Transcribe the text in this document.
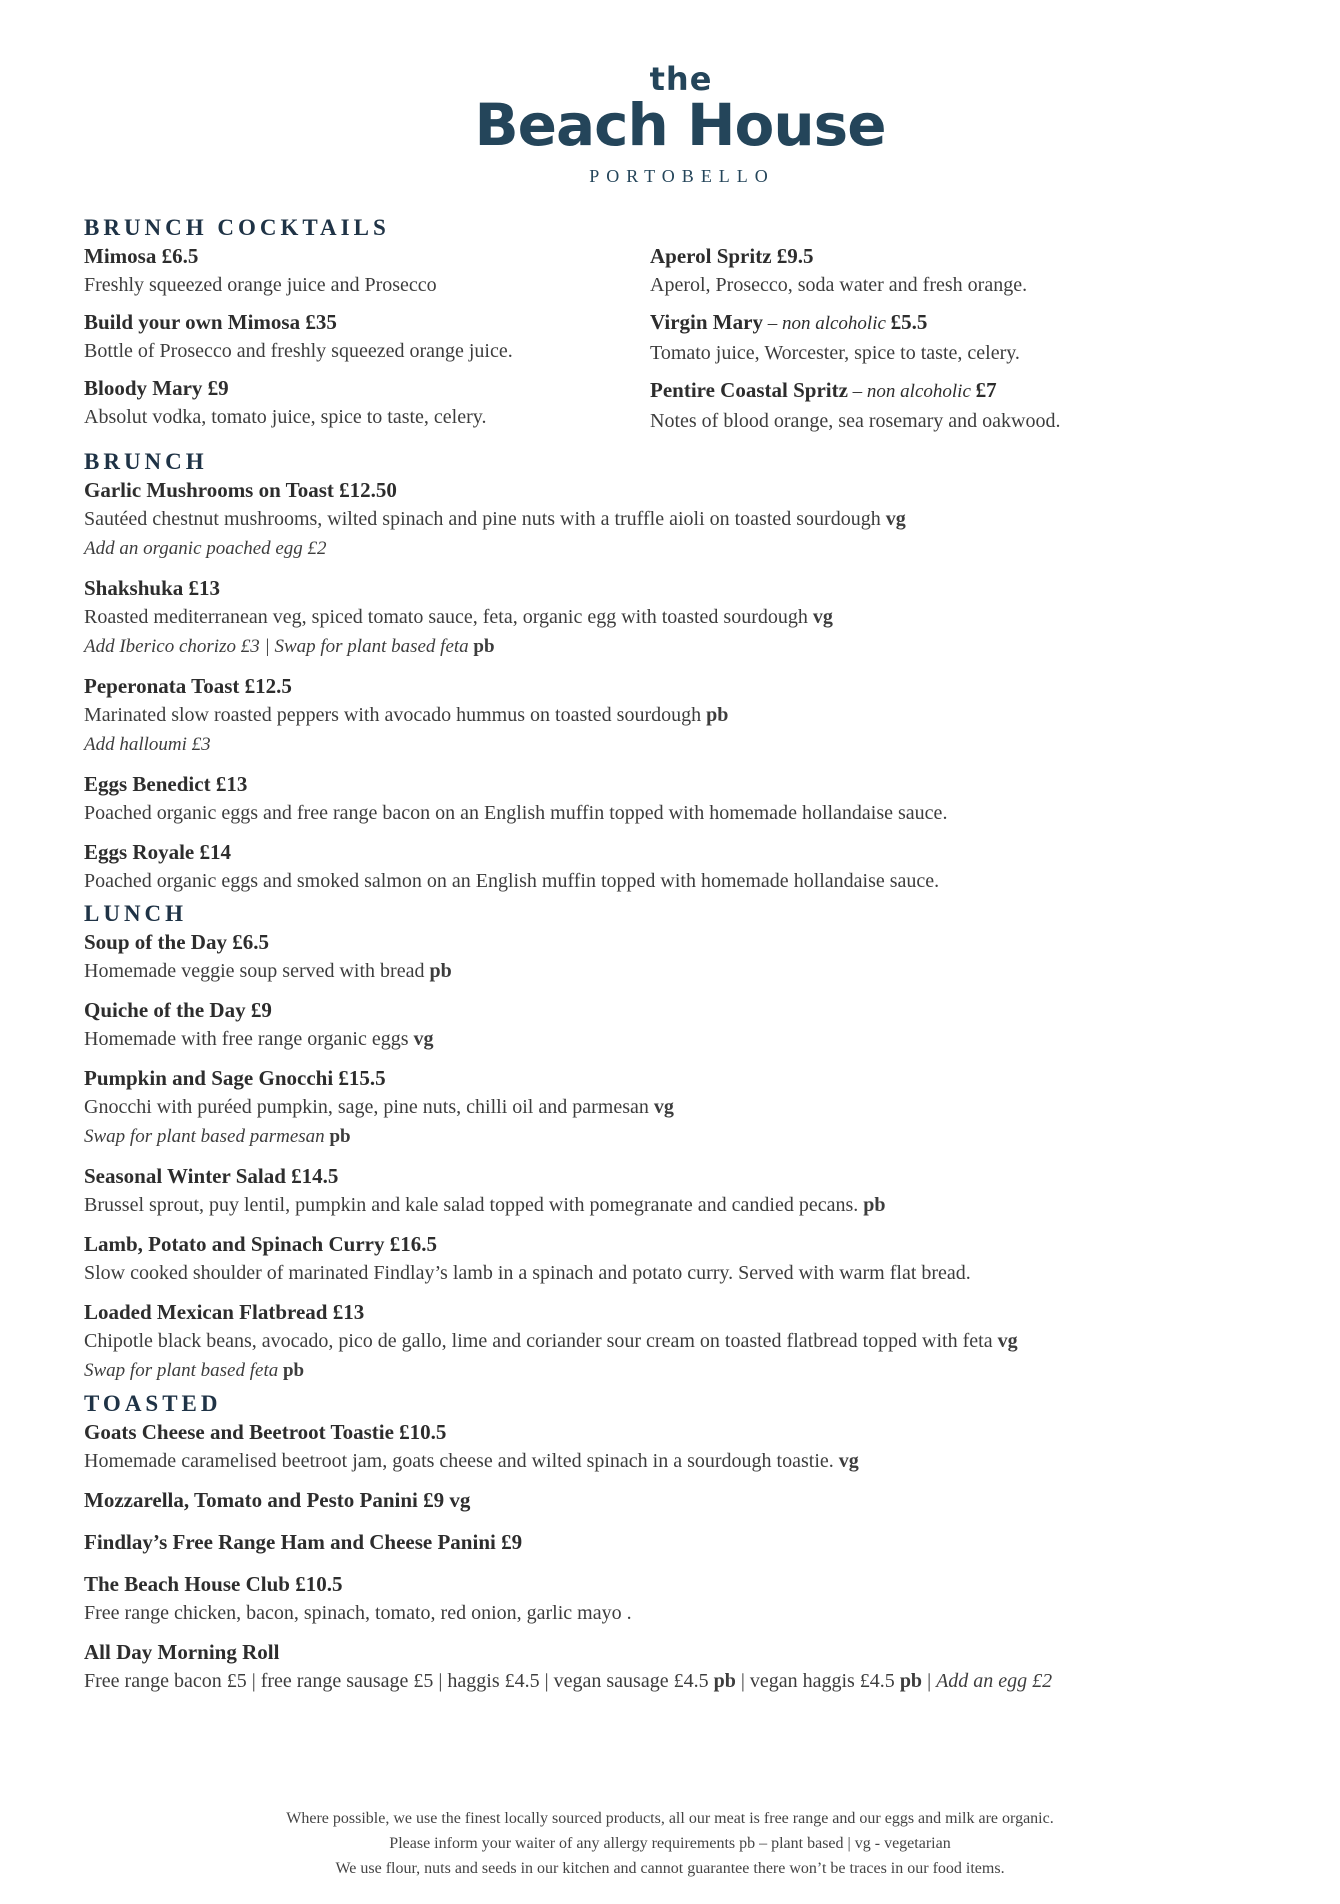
the
Beach House
PORTOBELLO
BRUNCH COCKTAILS
Mimosa £6.5
Freshly squeezed orange juice and Prosecco
Build your own Mimosa £35
Bottle of Prosecco and freshly squeezed orange juice.
Bloody Mary £9
Absolut vodka, tomato juice, spice to taste, celery.
Aperol Spritz £9.5
Aperol, Prosecco, soda water and fresh orange.
Virgin Mary – non alcoholic £5.5
Tomato juice, Worcester, spice to taste, celery.
Pentire Coastal Spritz – non alcoholic £7
Notes of blood orange, sea rosemary and oakwood.
BRUNCH
Garlic Mushrooms on Toast £12.50
Sautéed chestnut mushrooms, wilted spinach and pine nuts with a truffle aioli on toasted sourdough vg
Add an organic poached egg £2
Shakshuka £13
Roasted mediterranean veg, spiced tomato sauce, feta, organic egg with toasted sourdough vg
Add Iberico chorizo £3 | Swap for plant based feta pb
Peperonata Toast £12.5
Marinated slow roasted peppers with avocado hummus on toasted sourdough pb
Add halloumi £3
Eggs Benedict £13
Poached organic eggs and free range bacon on an English muffin topped with homemade hollandaise sauce.
Eggs Royale £14
Poached organic eggs and smoked salmon on an English muffin topped with homemade hollandaise sauce.
LUNCH
Soup of the Day £6.5
Homemade veggie soup served with bread pb
Quiche of the Day £9
Homemade with free range organic eggs vg
Pumpkin and Sage Gnocchi £15.5
Gnocchi with puréed pumpkin, sage, pine nuts, chilli oil and parmesan vg
Swap for plant based parmesan pb
Seasonal Winter Salad £14.5
Brussel sprout, puy lentil, pumpkin and kale salad topped with pomegranate and candied pecans. pb
Lamb, Potato and Spinach Curry £16.5
Slow cooked shoulder of marinated Findlay’s lamb in a spinach and potato curry. Served with warm flat bread.
Loaded Mexican Flatbread £13
Chipotle black beans, avocado, pico de gallo, lime and coriander sour cream on toasted flatbread topped with feta vg
Swap for plant based feta pb
TOASTED
Goats Cheese and Beetroot Toastie £10.5
Homemade caramelised beetroot jam, goats cheese and wilted spinach in a sourdough toastie. vg
Mozzarella, Tomato and Pesto Panini £9 vg
Findlay’s Free Range Ham and Cheese Panini £9
The Beach House Club £10.5
Free range chicken, bacon, spinach, tomato, red onion, garlic mayo .
All Day Morning Roll
Free range bacon £5 | free range sausage £5 | haggis £4.5 | vegan sausage £4.5 pb | vegan haggis £4.5 pb | Add an egg £2
Where possible, we use the finest locally sourced products, all our meat is free range and our eggs and milk are organic.
Please inform your waiter of any allergy requirements pb – plant based | vg - vegetarian
We use flour, nuts and seeds in our kitchen and cannot guarantee there won’t be traces in our food items.
